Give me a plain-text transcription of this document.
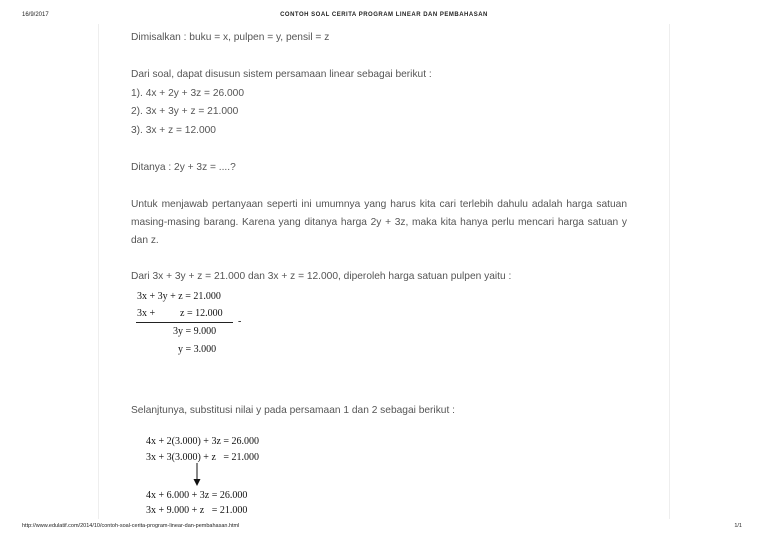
16/9/2017	CONTOH SOAL CERITA PROGRAM LINEAR DAN PEMBAHASAN
http://www.edulatif.com/2014/10/contoh-soal-cerita-program-linear-dan-pembahasan.html	1/1
Dimisalkan : buku = x, pulpen = y, pensil = z
Dari soal, dapat disusun sistem persamaan linear sebagai berikut :
1). 4x + 2y + 3z = 26.000
2). 3x + 3y + z = 21.000
3). 3x + z = 12.000
Ditanya : 2y + 3z = ....?
Untuk menjawab pertanyaan seperti ini umumnya yang harus kita cari terlebih dahulu adalah harga satuan masing-masing barang. Karena yang ditanya harga 2y + 3z, maka kita hanya perlu mencari harga satuan y dan z.
Dari 3x + 3y + z = 21.000 dan 3x + z = 12.000, diperoleh harga satuan pulpen yaitu :
3x + 3y + z = 21.000
3x + z = 12.000
-
3y = 9.000
y = 3.000
Selanjtunya, substitusi nilai y pada persamaan 1 dan 2 sebagai berikut :
4x + 2(3.000) + 3z = 26.000
3x + 3(3.000) + z   = 21.000
4x + 6.000 + 3z = 26.000
3x + 9.000 + z   = 21.000
